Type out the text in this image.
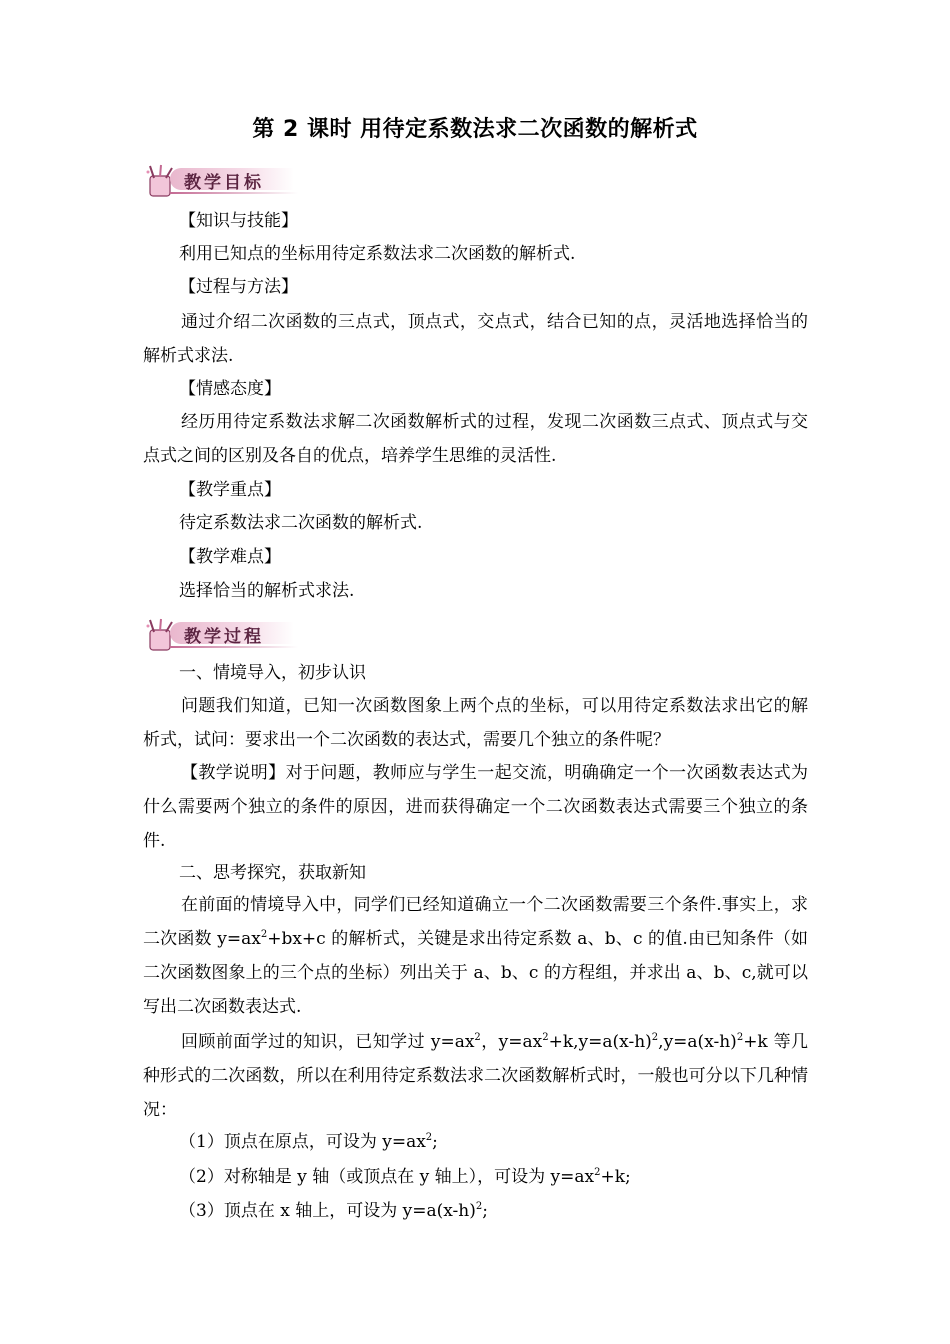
第 2 课时 用待定系数法求二次函数的解析式
教学目标
【知识与技能】
利用已知点的坐标用待定系数法求二次函数的解析式.
【过程与方法】
通过介绍二次函数的三点式，顶点式，交点式，结合已知的点，灵活地选择恰当的解析式求法.
【情感态度】
经历用待定系数法求解二次函数解析式的过程，发现二次函数三点式、顶点式与交点式之间的区别及各自的优点，培养学生思维的灵活性.
【教学重点】
待定系数法求二次函数的解析式.
【教学难点】
选择恰当的解析式求法.
教学过程
一、情境导入，初步认识
问题我们知道，已知一次函数图象上两个点的坐标，可以用待定系数法求出它的解析式，试问：要求出一个二次函数的表达式，需要几个独立的条件呢？
【教学说明】对于问题，教师应与学生一起交流，明确确定一个一次函数表达式为什么需要两个独立的条件的原因，进而获得确定一个二次函数表达式需要三个独立的条件.
二、思考探究，获取新知
在前面的情境导入中，同学们已经知道确立一个二次函数需要三个条件.事实上，求二次函数 $y=ax^2+bx+c$ 的解析式，关键是求出待定系数 a、b、c 的值.由已知条件（如二次函数图象上的三个点的坐标）列出关于 a、b、c 的方程组，并求出 a、b、c,就可以写出二次函数表达式.
回顾前面学过的知识，已知学过 $y=ax^2$，$y=ax^2+k,y=a(x-h)^2,y=a(x-h)^2+k$ 等几种形式的二次函数，所以在利用待定系数法求二次函数解析式时，一般也可分以下几种情况：
（1）顶点在原点，可设为 $y=ax^2$;
（2）对称轴是 y 轴（或顶点在 y 轴上），可设为 $y=ax^2+k$;
（3）顶点在 x 轴上，可设为 $y=a(x-h)^2$;
